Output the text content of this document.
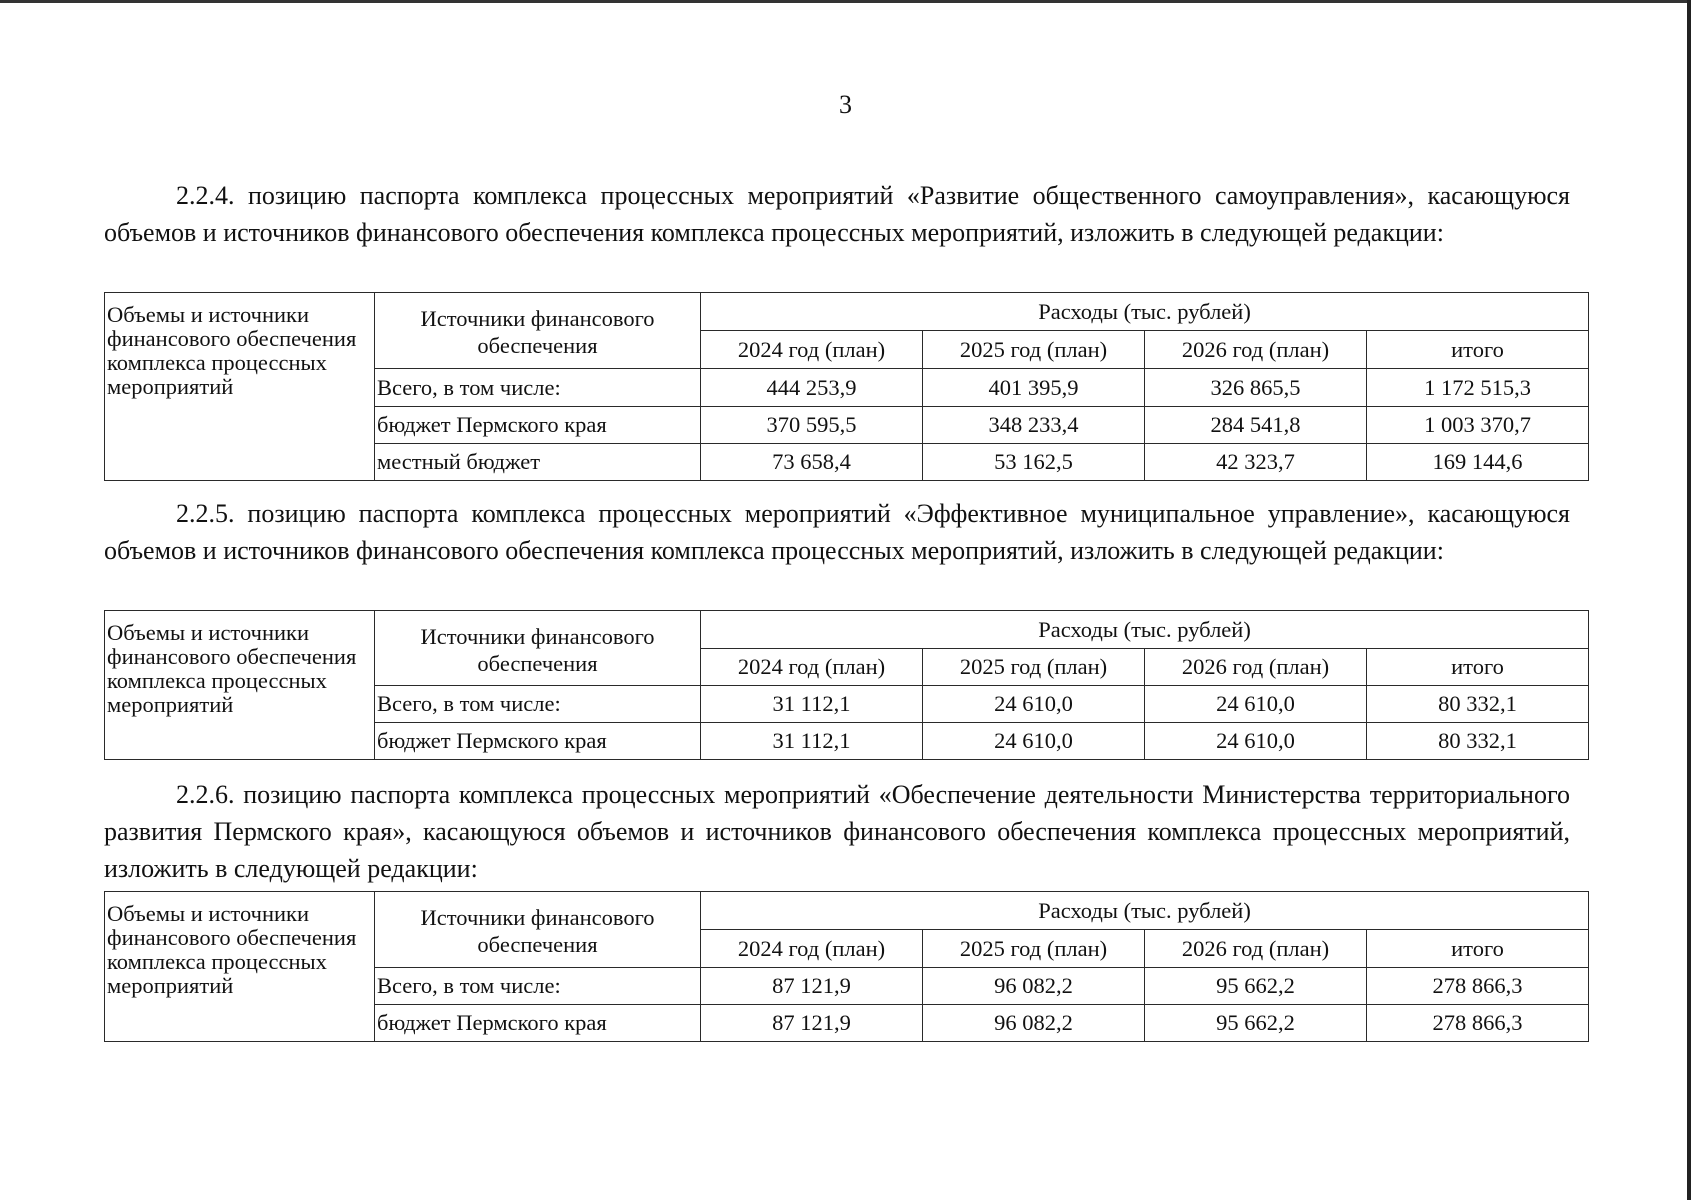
3

2.2.4. позицию паспорта комплекса процессных мероприятий «Развитие общественного самоуправления», касающуюся объемов и источников финансового обеспечения комплекса процессных мероприятий, изложить в следующей редакции:

Объемы и источники финансового обеспечения комплекса процессных мероприятий	Источники финансового обеспечения	Расходы (тыс. рублей)			
		2024 год (план)	2025 год (план)	2026 год (план)	итого
	Всего, в том числе:	444 253,9	401 395,9	326 865,5	1 172 515,3
	бюджет Пермского края	370 595,5	348 233,4	284 541,8	1 003 370,7
	местный бюджет	73 658,4	53 162,5	42 323,7	169 144,6

2.2.5. позицию паспорта комплекса процессных мероприятий «Эффективное муниципальное управление», касающуюся объемов и источников финансового обеспечения комплекса процессных мероприятий, изложить в следующей редакции:

Объемы и источники финансового обеспечения комплекса процессных мероприятий	Источники финансового обеспечения	Расходы (тыс. рублей)			
		2024 год (план)	2025 год (план)	2026 год (план)	итого
	Всего, в том числе:	31 112,1	24 610,0	24 610,0	80 332,1
	бюджет Пермского края	31 112,1	24 610,0	24 610,0	80 332,1

2.2.6. позицию паспорта комплекса процессных мероприятий «Обеспечение деятельности Министерства территориального развития Пермского края», касающуюся объемов и источников финансового обеспечения комплекса процессных мероприятий, изложить в следующей редакции:

Объемы и источники финансового обеспечения комплекса процессных мероприятий	Источники финансового обеспечения	Расходы (тыс. рублей)			
		2024 год (план)	2025 год (план)	2026 год (план)	итого
	Всего, в том числе:	87 121,9	96 082,2	95 662,2	278 866,3
	бюджет Пермского края	87 121,9	96 082,2	95 662,2	278 866,3
